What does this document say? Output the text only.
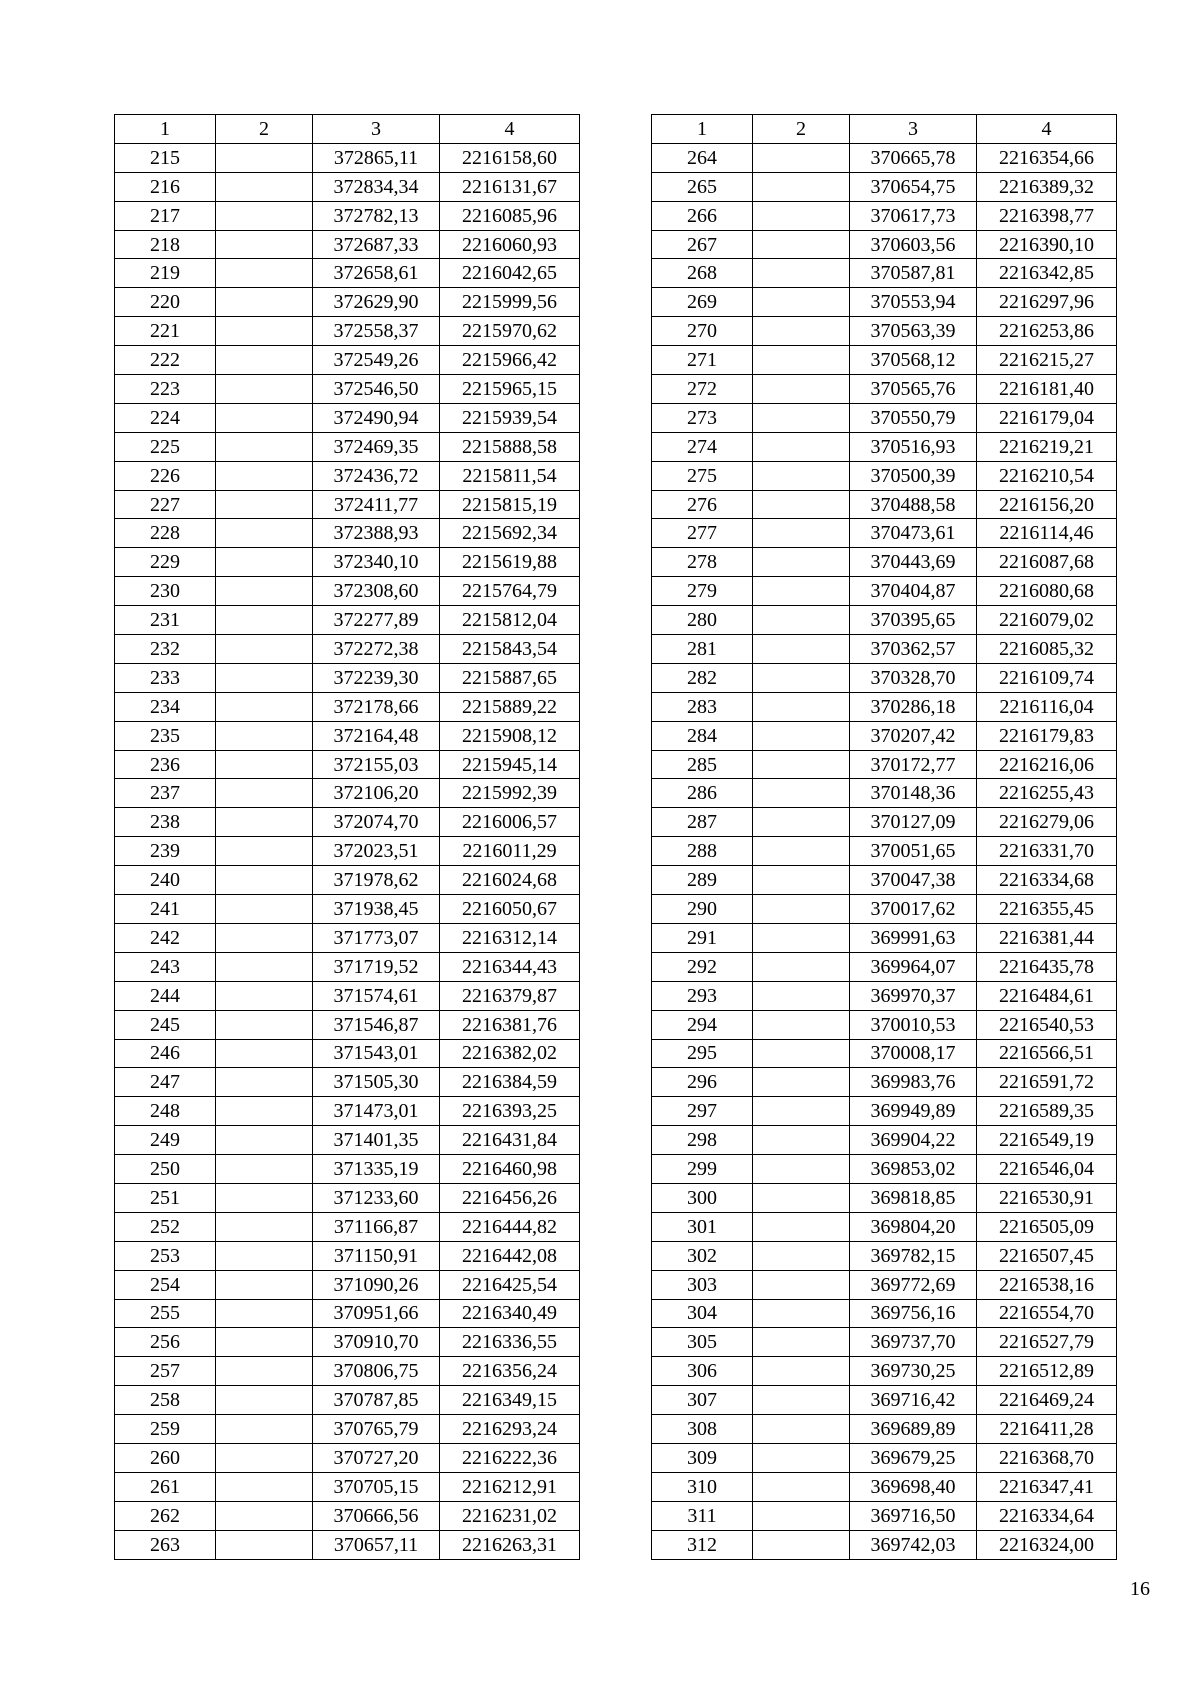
1	2	3	4
215		372865,11	2216158,60
216		372834,34	2216131,67
217		372782,13	2216085,96
218		372687,33	2216060,93
219		372658,61	2216042,65
220		372629,90	2215999,56
221		372558,37	2215970,62
222		372549,26	2215966,42
223		372546,50	2215965,15
224		372490,94	2215939,54
225		372469,35	2215888,58
226		372436,72	2215811,54
227		372411,77	2215815,19
228		372388,93	2215692,34
229		372340,10	2215619,88
230		372308,60	2215764,79
231		372277,89	2215812,04
232		372272,38	2215843,54
233		372239,30	2215887,65
234		372178,66	2215889,22
235		372164,48	2215908,12
236		372155,03	2215945,14
237		372106,20	2215992,39
238		372074,70	2216006,57
239		372023,51	2216011,29
240		371978,62	2216024,68
241		371938,45	2216050,67
242		371773,07	2216312,14
243		371719,52	2216344,43
244		371574,61	2216379,87
245		371546,87	2216381,76
246		371543,01	2216382,02
247		371505,30	2216384,59
248		371473,01	2216393,25
249		371401,35	2216431,84
250		371335,19	2216460,98
251		371233,60	2216456,26
252		371166,87	2216444,82
253		371150,91	2216442,08
254		371090,26	2216425,54
255		370951,66	2216340,49
256		370910,70	2216336,55
257		370806,75	2216356,24
258		370787,85	2216349,15
259		370765,79	2216293,24
260		370727,20	2216222,36
261		370705,15	2216212,91
262		370666,56	2216231,02
263		370657,11	2216263,31
1	2	3	4
264		370665,78	2216354,66
265		370654,75	2216389,32
266		370617,73	2216398,77
267		370603,56	2216390,10
268		370587,81	2216342,85
269		370553,94	2216297,96
270		370563,39	2216253,86
271		370568,12	2216215,27
272		370565,76	2216181,40
273		370550,79	2216179,04
274		370516,93	2216219,21
275		370500,39	2216210,54
276		370488,58	2216156,20
277		370473,61	2216114,46
278		370443,69	2216087,68
279		370404,87	2216080,68
280		370395,65	2216079,02
281		370362,57	2216085,32
282		370328,70	2216109,74
283		370286,18	2216116,04
284		370207,42	2216179,83
285		370172,77	2216216,06
286		370148,36	2216255,43
287		370127,09	2216279,06
288		370051,65	2216331,70
289		370047,38	2216334,68
290		370017,62	2216355,45
291		369991,63	2216381,44
292		369964,07	2216435,78
293		369970,37	2216484,61
294		370010,53	2216540,53
295		370008,17	2216566,51
296		369983,76	2216591,72
297		369949,89	2216589,35
298		369904,22	2216549,19
299		369853,02	2216546,04
300		369818,85	2216530,91
301		369804,20	2216505,09
302		369782,15	2216507,45
303		369772,69	2216538,16
304		369756,16	2216554,70
305		369737,70	2216527,79
306		369730,25	2216512,89
307		369716,42	2216469,24
308		369689,89	2216411,28
309		369679,25	2216368,70
310		369698,40	2216347,41
311		369716,50	2216334,64
312		369742,03	2216324,00
16
